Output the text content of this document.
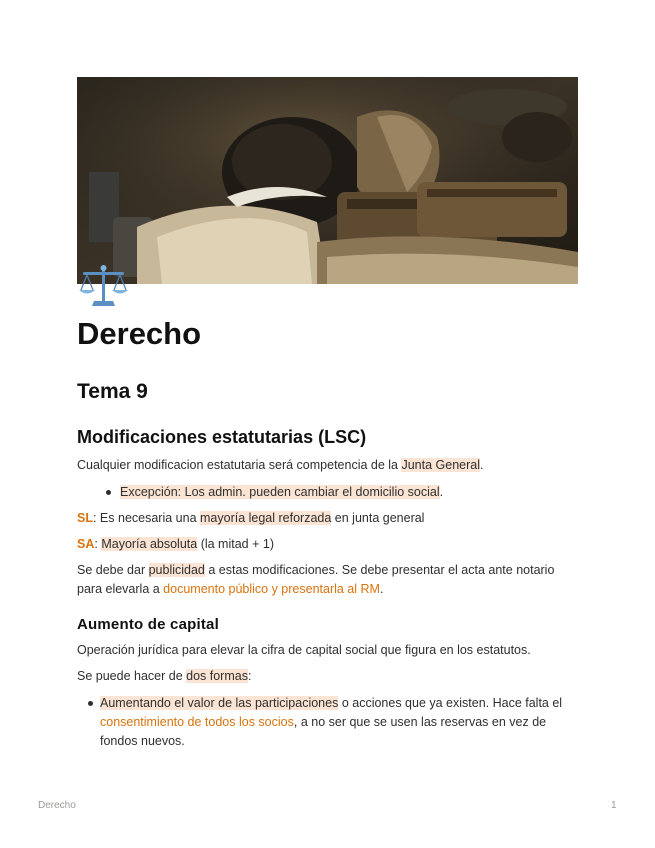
Derecho
Tema 9
Modificaciones estatutarias (LSC)

Cualquier modificacion estatutaria será competencia de la Junta General.

Excepción: Los admin. pueden cambiar el domicilio social.

SL: Es necesaria una mayoría legal reforzada en junta general

SA: Mayoría absoluta (la mitad + 1)

Se debe dar publicidad a estas modificaciones. Se debe presentar el acta ante notario
para elevarla a documento público y presentarla al RM.

Aumento de capital

Operación jurídica para elevar la cifra de capital social que figura en los estatutos.

Se puede hacer de dos formas:

Aumentando el valor de las participaciones o acciones que ya existen. Hace falta el
consentimiento de todos los socios, a no ser que se usen las reservas en vez de
fondos nuevos.

Derecho	1
